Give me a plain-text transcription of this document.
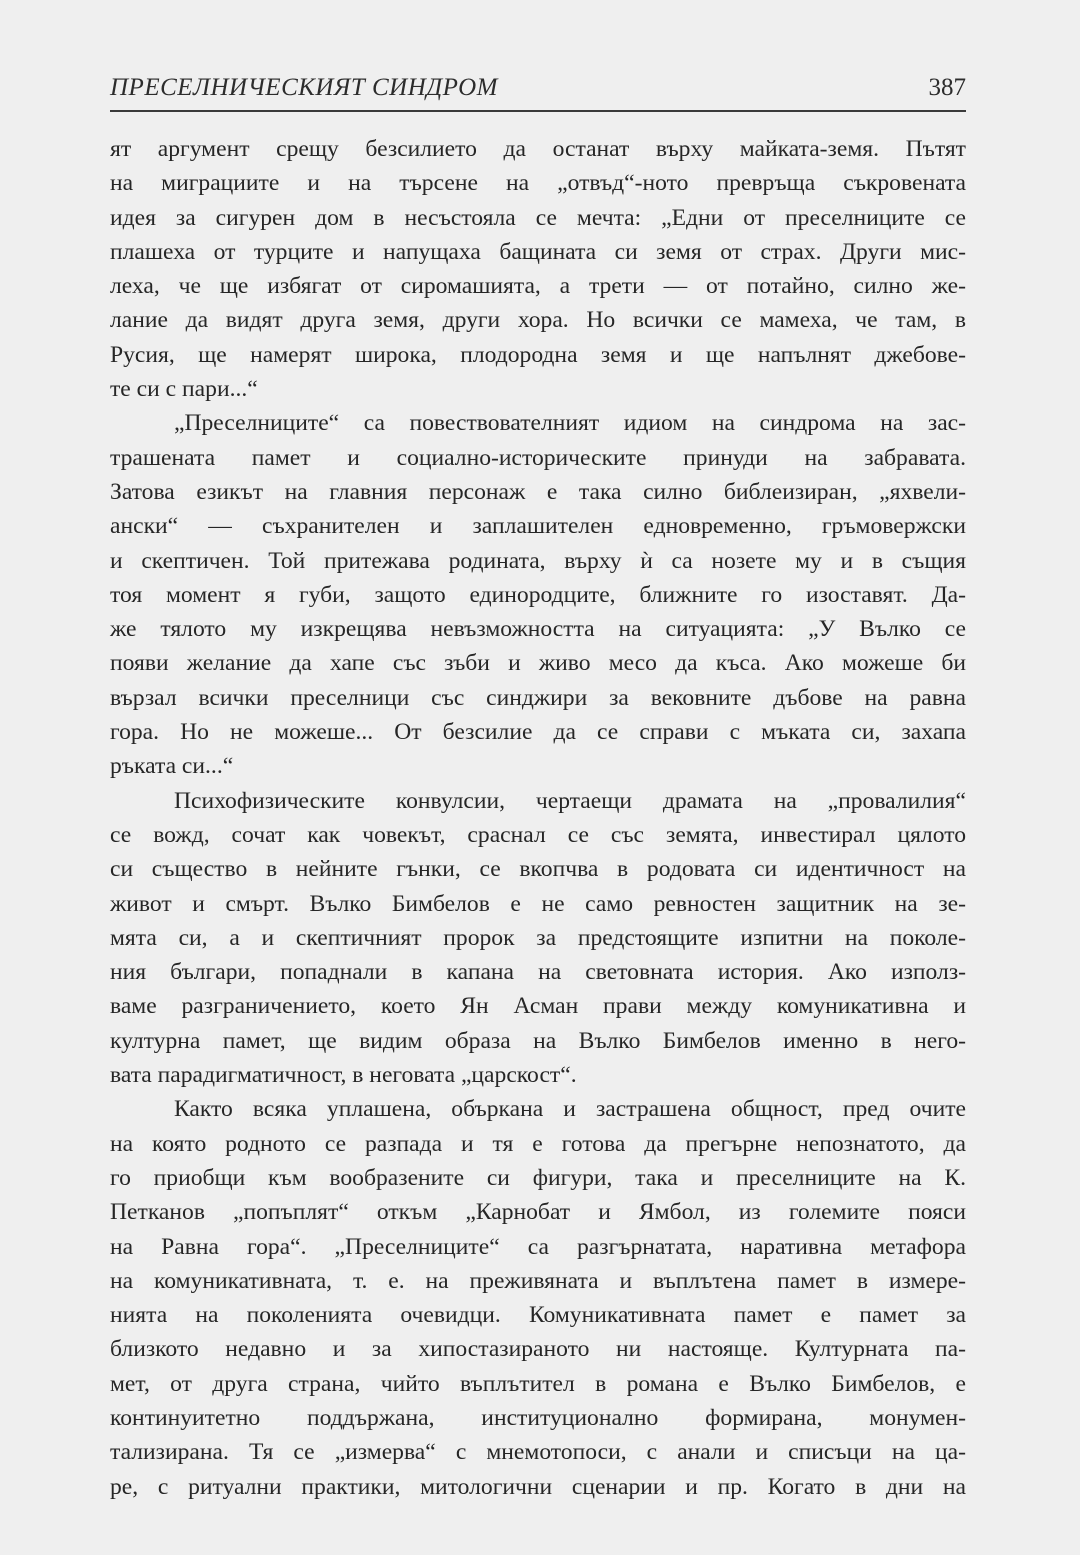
ПРЕСЕЛНИЧЕСКИЯТ СИНДРОМ	387
ят аргумент срещу безсилието да останат върху майката-земя. Пътят
на миграциите и на търсене на „отвъд“-ното превръща съкровената
идея за сигурен дом в несъстояла се мечта: „Едни от преселниците се
плашеха от турците и напущаха бащината си земя от страх. Други мис-
леха, че ще избягат от сиромашията, а трети — от потайно, силно же-
лание да видят друга земя, други хора. Но всички се мамеха, че там, в
Русия, ще намерят широка, плодородна земя и ще напълнят джебове-
те си с пари...“
„Преселниците“ са повествователният идиом на синдрома на зас-
трашената памет и социално-историческите принуди на забравата.
Затова езикът на главния персонаж е така силно библеизиран, „яхвели-
ански“ — съхранителен и заплашителен едновременно, гръмовержски
и скептичен. Той притежава родината, върху ѝ са нозете му и в същия
тоя момент я губи, защото единородците, ближните го изоставят. Да-
же тялото му изкрещява невъзможността на ситуацията: „У Вълко се
появи желание да хапе със зъби и живо месо да къса. Ако можеше би
вързал всички преселници със синджири за вековните дъбове на равна
гора. Но не можеше... От безсилие да се справи с мъката си, захапа
ръката си...“
Психофизическите конвулсии, чертаещи драмата на „провалилия“
се вожд, сочат как човекът, сраснал се със земята, инвестирал цялото
си същество в нейните гънки, се вкопчва в родовата си идентичност на
живот и смърт. Вълко Бимбелов е не само ревностен защитник на зе-
мята си, а и скептичният пророк за предстоящите изпитни на поколе-
ния българи, попаднали в капана на световната история. Ако използ-
ваме разграничението, което Ян Асман прави между комуникативна и
културна памет, ще видим образа на Вълко Бимбелов именно в него-
вата парадигматичност, в неговата „царскост“.
Както всяка уплашена, объркана и застрашена общност, пред очите
на която родното се разпада и тя е готова да прегърне непознатото, да
го приобщи към вообразените си фигури, така и преселниците на К.
Петканов „попъплят“ откъм „Карнобат и Ямбол, из големите пояси
на Равна гора“. „Преселниците“ са разгърнатата, наративна метафора
на комуникативната, т. е. на преживяната и въплътена памет в измере-
нията на поколенията очевидци. Комуникативната памет е памет за
близкото недавно и за хипостазираното ни настояще. Културната па-
мет, от друга страна, чийто въплътител в романа е Вълко Бимбелов, е
континуитетно поддържана, институционално формирана, монумен-
тализирана. Тя се „измерва“ с мнемотопоси, с анали и списъци на ца-
ре, с ритуални практики, митологични сценарии и пр. Когато в дни на
